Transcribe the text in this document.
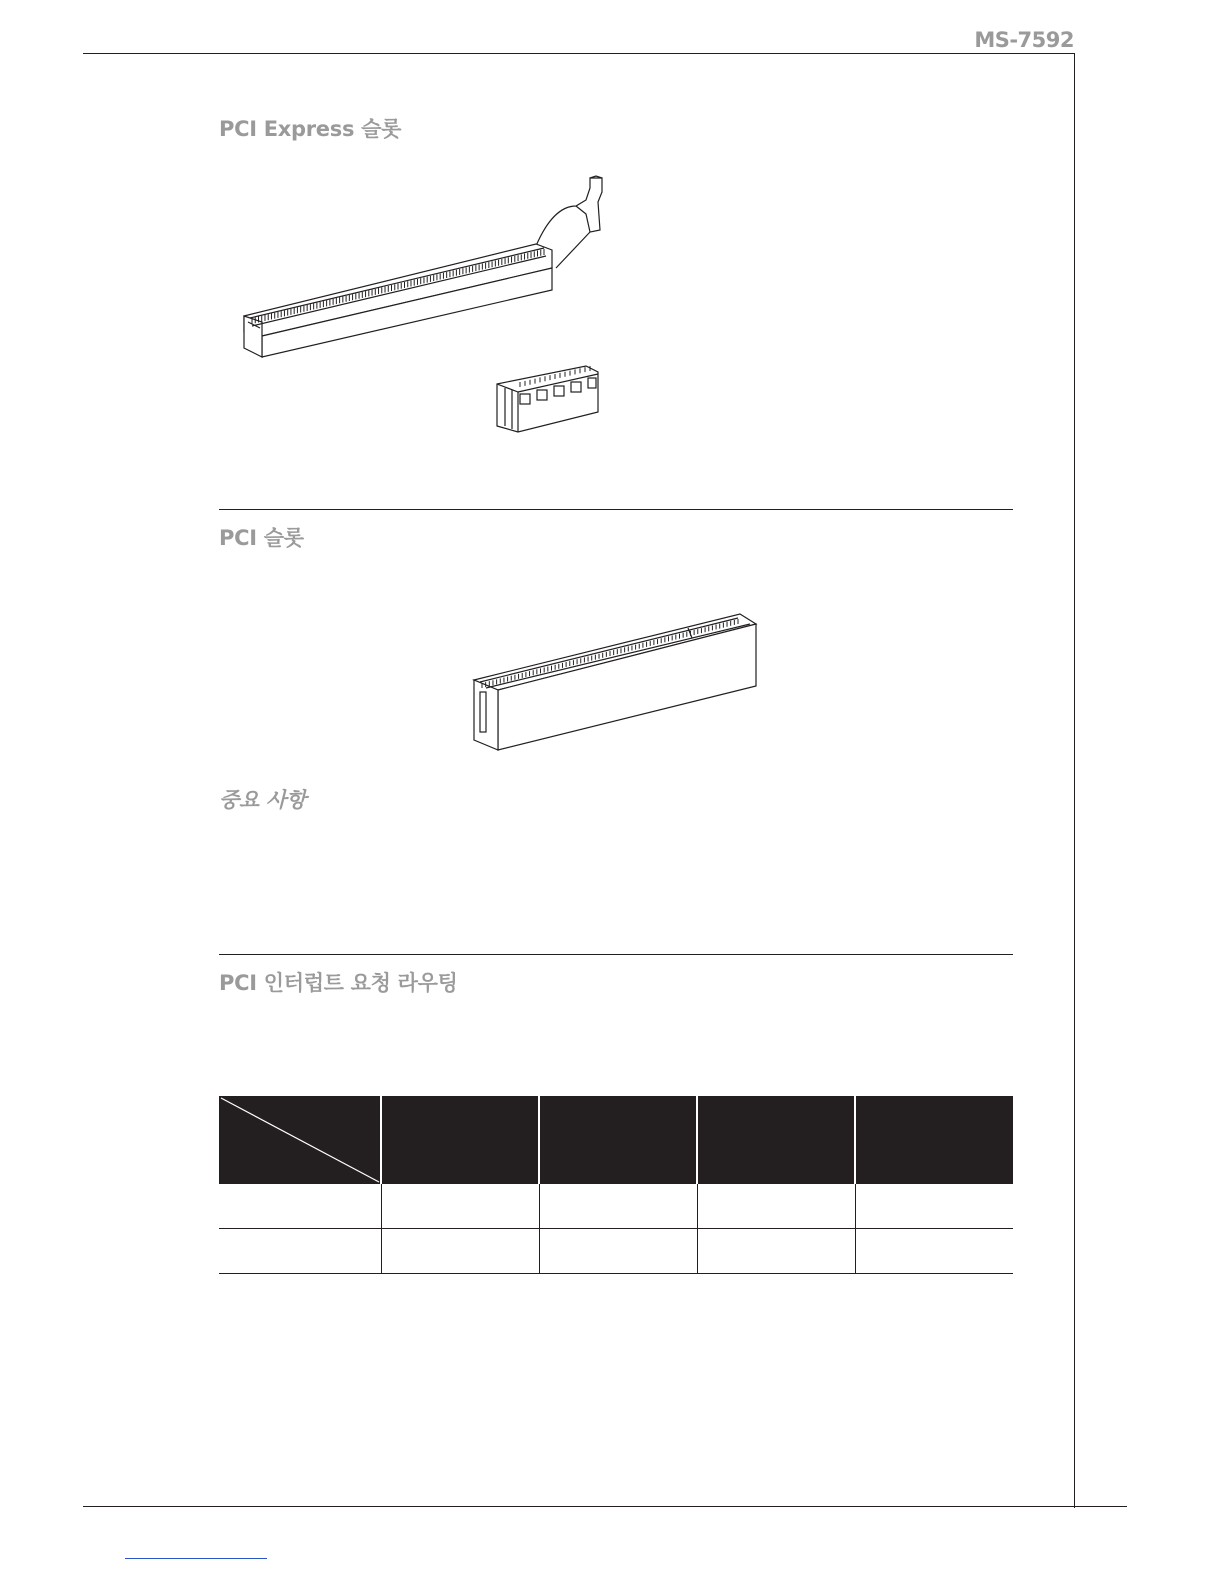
MS-7592
PCI Express 슬롯
PCI 슬롯
중요 사항
PCI 인터럽트 요청 라우팅
